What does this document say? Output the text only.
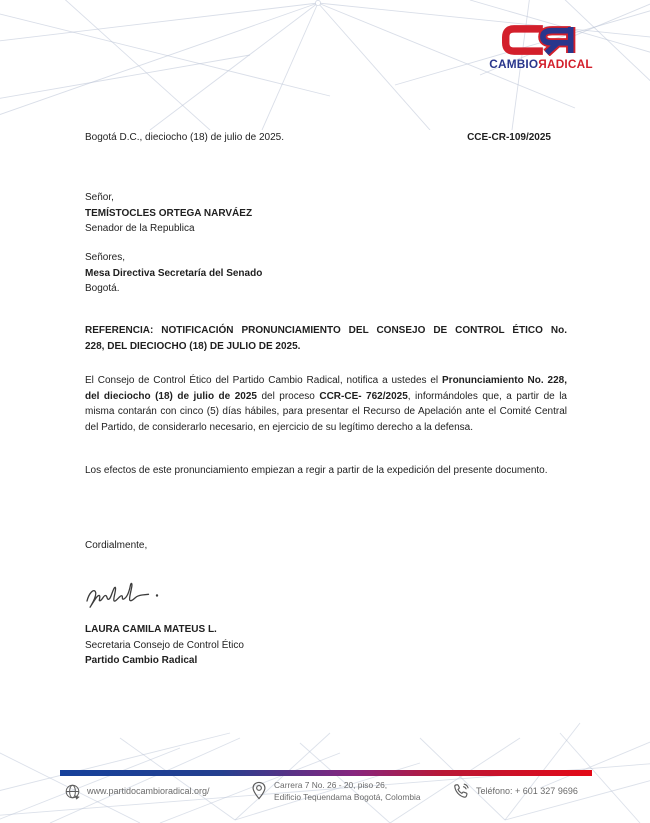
CAMBIOЯADICAL
Bogotá D.C., dieciocho (18) de julio de 2025.	CCE-CR-109/2025
Señor,
TEMÍSTOCLES ORTEGA NARVÁEZ
Senador de la Republica
Señores,
Mesa Directiva Secretaría del Senado
Bogotá.
REFERENCIA: NOTIFICACIÓN PRONUNCIAMIENTO DEL CONSEJO DE CONTROL ÉTICO No.
228, DEL DIECIOCHO (18) DE JULIO DE 2025.
El Consejo de Control Ético del Partido Cambio Radical, notifica a ustedes el Pronunciamiento No. 228, del dieciocho (18) de julio de 2025 del proceso CCR-CE- 762/2025, informándoles que, a partir de la misma contarán con cinco (5) días hábiles, para presentar el Recurso de Apelación ante el Comité Central del Partido, de considerarlo necesario, en ejercicio de su legítimo derecho a la defensa.
Los efectos de este pronunciamiento empiezan a regir a partir de la expedición del presente documento.
Cordialmente,
LAURA CAMILA MATEUS L.
Secretaria Consejo de Control Ético
Partido Cambio Radical
www.partidocambioradical.org/
Carrera 7 No. 26 - 20, piso 26,
Edificio Tequendama Bogotá, Colombia
Teléfono: + 601 327 9696
